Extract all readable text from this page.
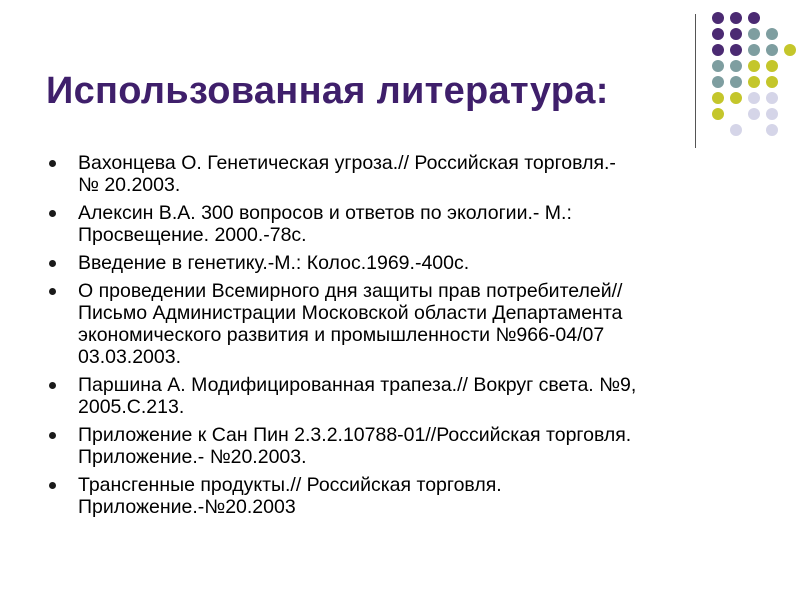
Использованная литература:
Вахонцева О. Генетическая угроза.// Российская торговля.-
№ 20.2003.
Алексин В.А. 300 вопросов и ответов по экологии.- М.:
Просвещение. 2000.-78с.
Введение в генетику.-М.: Колос.1969.-400с.
О проведении Всемирного дня защиты прав потребителей//
Письмо Администрации Московской области Департамента
экономического развития и промышленности №966-04/07
03.03.2003.
Паршина А. Модифицированная трапеза.// Вокруг света. №9,
2005.С.213.
Приложение к Сан Пин 2.3.2.10788-01//Российская торговля.
Приложение.- №20.2003.
Трансгенные продукты.// Российская торговля.
Приложение.-№20.2003
